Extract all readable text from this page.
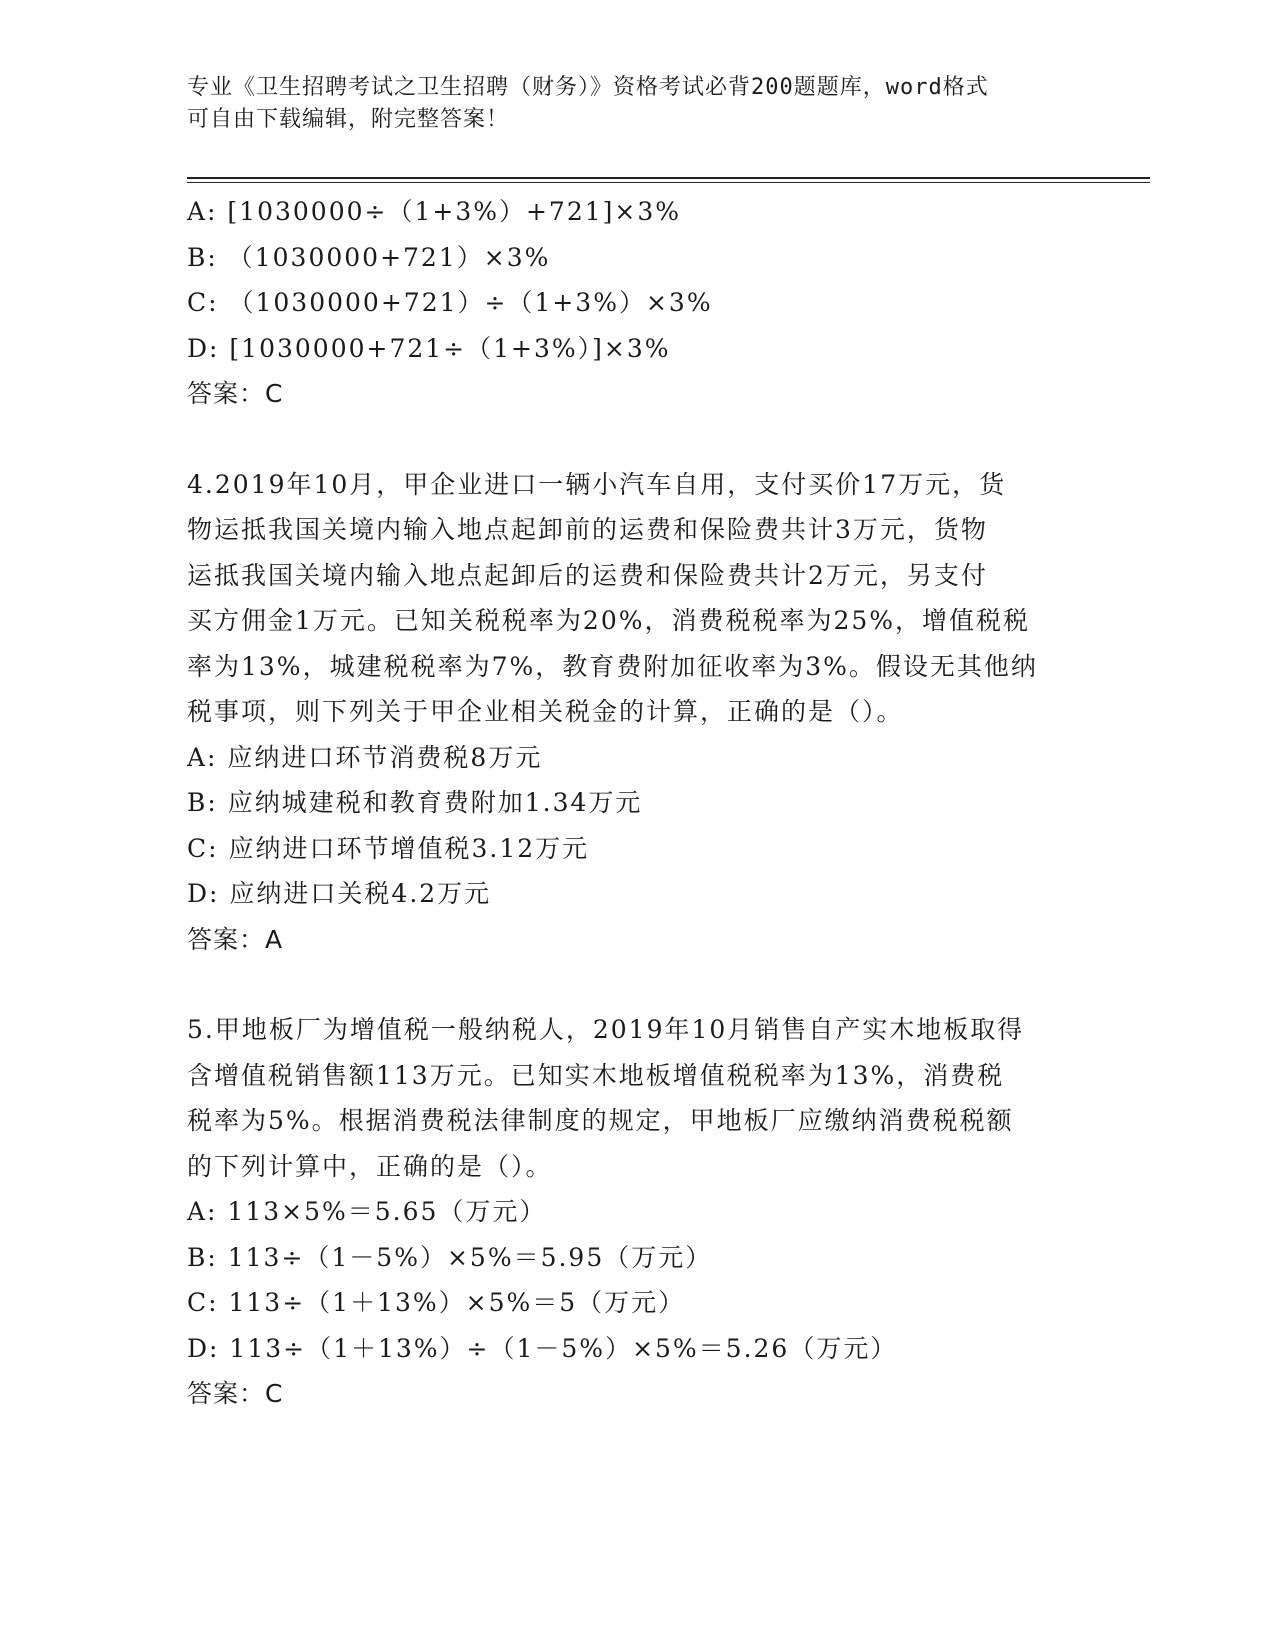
专业《卫生招聘考试之卫生招聘（财务）》资格考试必背200题题库，word格式
可自由下载编辑，附完整答案！
A: [1030000÷（1+3%）+721]×3%
B: （1030000+721）×3%
C: （1030000+721）÷（1+3%）×3%
D: [1030000+721÷（1+3%）]×3%
答案：C
4.2019年10月，甲企业进口一辆小汽车自用，支付买价17万元，货
物运抵我国关境内输入地点起卸前的运费和保险费共计3万元，货物
运抵我国关境内输入地点起卸后的运费和保险费共计2万元，另支付
买方佣金1万元。已知关税税率为20%，消费税税率为25%，增值税税
率为13%，城建税税率为7%，教育费附加征收率为3%。假设无其他纳
税事项，则下列关于甲企业相关税金的计算，正确的是（）。
A: 应纳进口环节消费税8万元
B: 应纳城建税和教育费附加1.34万元
C: 应纳进口环节增值税3.12万元
D: 应纳进口关税4.2万元
答案：A
5.甲地板厂为增值税一般纳税人，2019年10月销售自产实木地板取得
含增值税销售额113万元。已知实木地板增值税税率为13%，消费税
税率为5%。根据消费税法律制度的规定，甲地板厂应缴纳消费税税额
的下列计算中，正确的是（）。
A: 113×5%＝5.65（万元）
B: 113÷（1－5%）×5%＝5.95（万元）
C: 113÷（1＋13%）×5%＝5（万元）
D: 113÷（1＋13%）÷（1－5%）×5%＝5.26（万元）
答案：C
